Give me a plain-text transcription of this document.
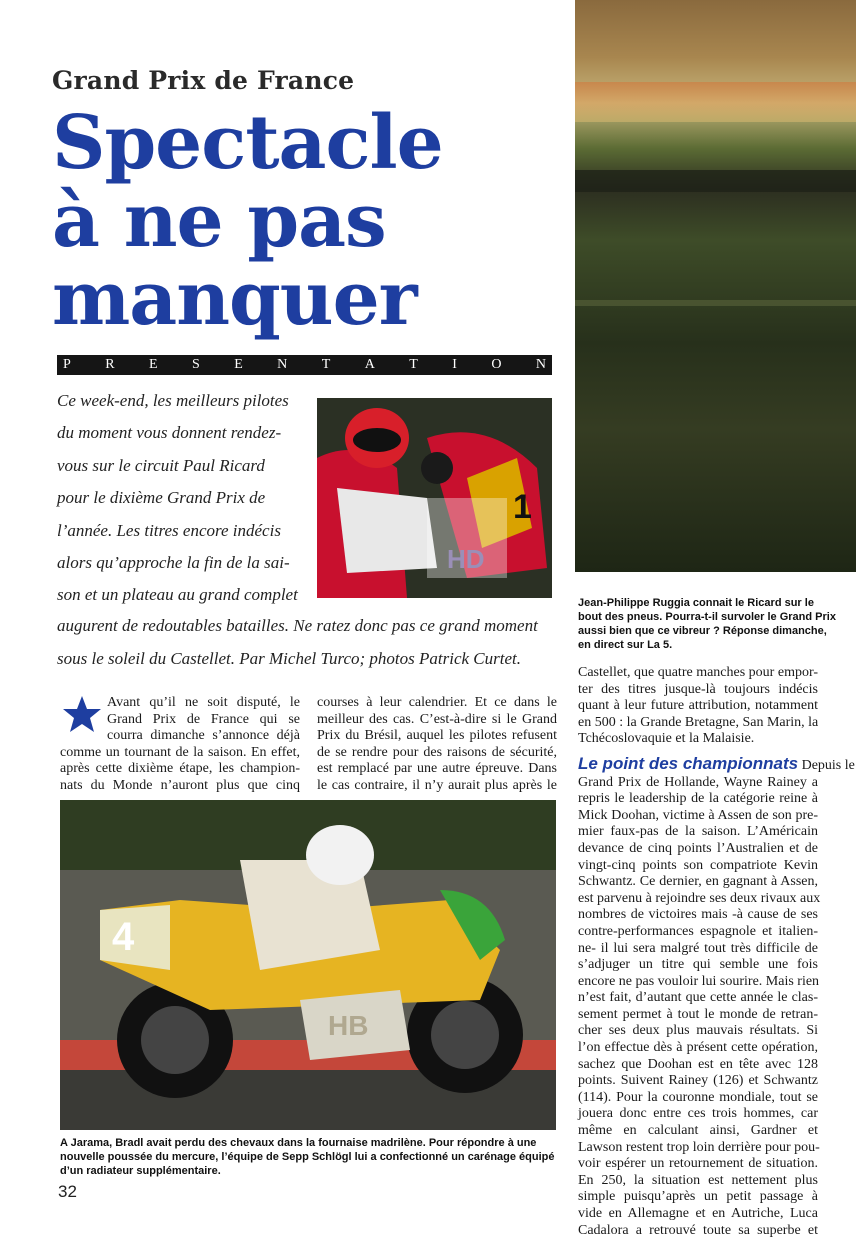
Grand Prix de France
Spectacle
à ne pas
manquer
P R E S E N T A T I O N
Ce week-end, les meilleurs pilotes
du moment vous donnent rendez-
vous sur le circuit Paul Ricard
pour le dixième Grand Prix de
l’année. Les titres encore indécis
alors qu’approche la fin de la sai-
son et un plateau au grand complet
1
HD
Jean-Philippe Ruggia connait le Ricard sur le bout des pneus. Pourra-t-il survoler le Grand Prix aussi bien que ce vibreur ? Réponse dimanche, en direct sur La 5.
augurent de redoutables batailles. Ne ratez donc pas ce grand moment
sous le soleil du Castellet. Par Michel Turco; photos Patrick Curtet.
Avant qu’il ne soit disputé, le
Grand Prix de France qui se
courra dimanche s’annonce déjà
comme un tournant de la saison. En effet,
après cette dixième étape, les champion-
nats du Monde n’auront plus que cinq
courses à leur calendrier. Et ce dans le
meilleur des cas. C’est-à-dire si le Grand
Prix du Brésil, auquel les pilotes refusent
de se rendre pour des raisons de sécurité,
est remplacé par une autre épreuve. Dans
le cas contraire, il n’y aurait plus après le
Castellet, que quatre manches pour empor-
ter des titres jusque-là toujours indécis
quant à leur future attribution, notamment
en 500 : la Grande Bretagne, San Marin, la
Tchécoslovaquie et la Malaisie.
Le point des championnats Depuis le
Grand Prix de Hollande, Wayne Rainey a
repris le leadership de la catégorie reine à
Mick Doohan, victime à Assen de son pre-
mier faux-pas de la saison. L’Américain
devance de cinq points l’Australien et de
vingt-cinq points son compatriote Kevin
Schwantz. Ce dernier, en gagnant à Assen,
est parvenu à rejoindre ses deux rivaux aux
nombres de victoires mais -à cause de ses
contre-performances espagnole et italien-
ne- il lui sera malgré tout très difficile de
s’adjuger un titre qui semble une fois
encore ne pas vouloir lui sourire. Mais rien
n’est fait, d’autant que cette année le clas-
sement permet à tout le monde de retran-
cher ses deux plus mauvais résultats. Si
l’on effectue dès à présent cette opération,
sachez que Doohan est en tête avec 128
points. Suivent Rainey (126) et Schwantz
(114). Pour la couronne mondiale, tout se
jouera donc entre ces trois hommes, car
même en calculant ainsi, Gardner et
Lawson restent trop loin derrière pour pou-
voir espérer un retournement de situation.
En 250, la situation est nettement plus
simple puisqu’après un petit passage à
vide en Allemagne et en Autriche, Luca
Cadalora a retrouvé toute sa superbe et
4
HB
A Jarama, Bradl avait perdu des chevaux dans la fournaise madrilène. Pour répondre à une nouvelle poussée du mercure, l’équipe de Sepp Schlögl lui a confectionné un carénage équipé d’un radiateur supplémentaire.
32
